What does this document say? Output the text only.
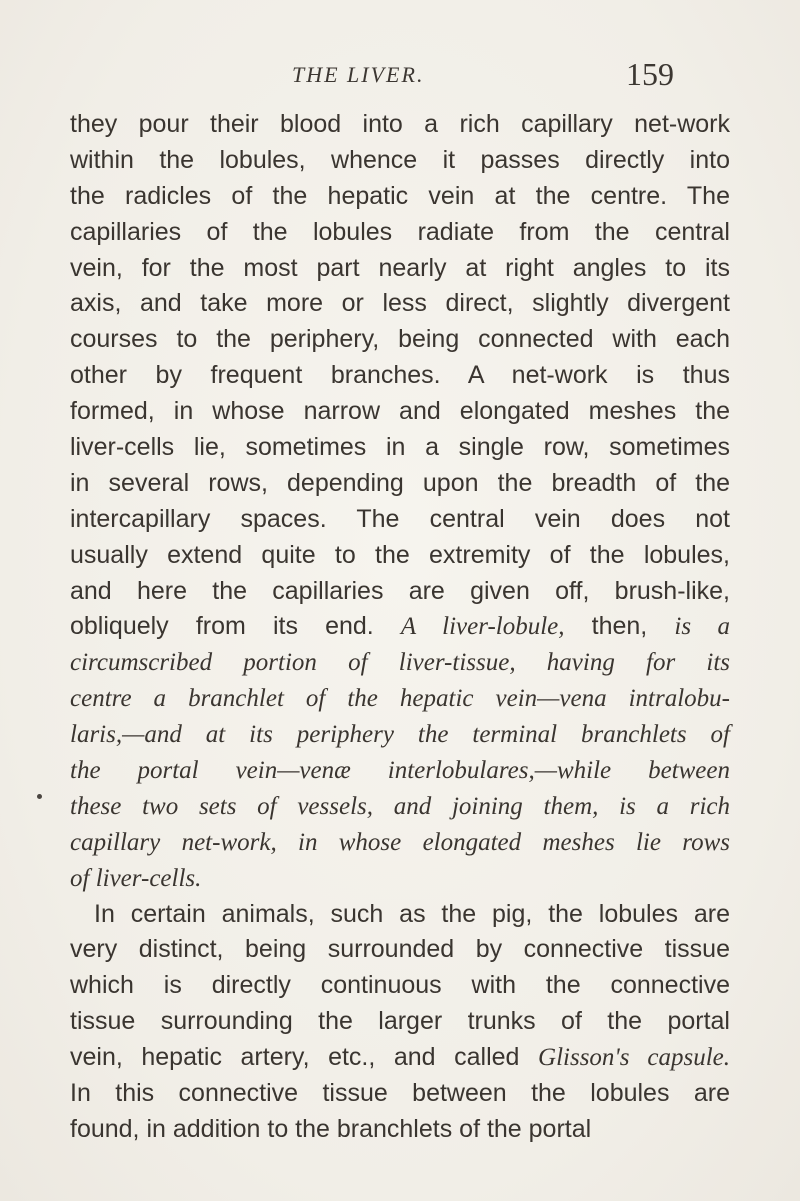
THE LIVER.	159
they pour their blood into a rich capillary net-work
within the lobules, whence it passes directly into
the radicles of the hepatic vein at the centre. The
capillaries of the lobules radiate from the central
vein, for the most part nearly at right angles to its
axis, and take more or less direct, slightly divergent
courses to the periphery, being connected with each
other by frequent branches. A net-work is thus
formed, in whose narrow and elongated meshes the
liver-cells lie, sometimes in a single row, sometimes
in several rows, depending upon the breadth of the
intercapillary spaces. The central vein does not
usually extend quite to the extremity of the lobules,
and here the capillaries are given off, brush-like,
obliquely from its end. A liver-lobule, then, is a
circumscribed portion of liver-tissue, having for its
centre a branchlet of the hepatic vein—vena intralobu-
laris,—and at its periphery the terminal branchlets of
the portal vein—venæ interlobulares,—while between
these two sets of vessels, and joining them, is a rich
capillary net-work, in whose elongated meshes lie rows
of liver-cells.
In certain animals, such as the pig, the lobules are
very distinct, being surrounded by connective tissue
which is directly continuous with the connective
tissue surrounding the larger trunks of the portal
vein, hepatic artery, etc., and called Glisson's capsule.
In this connective tissue between the lobules are
found, in addition to the branchlets of the portal
